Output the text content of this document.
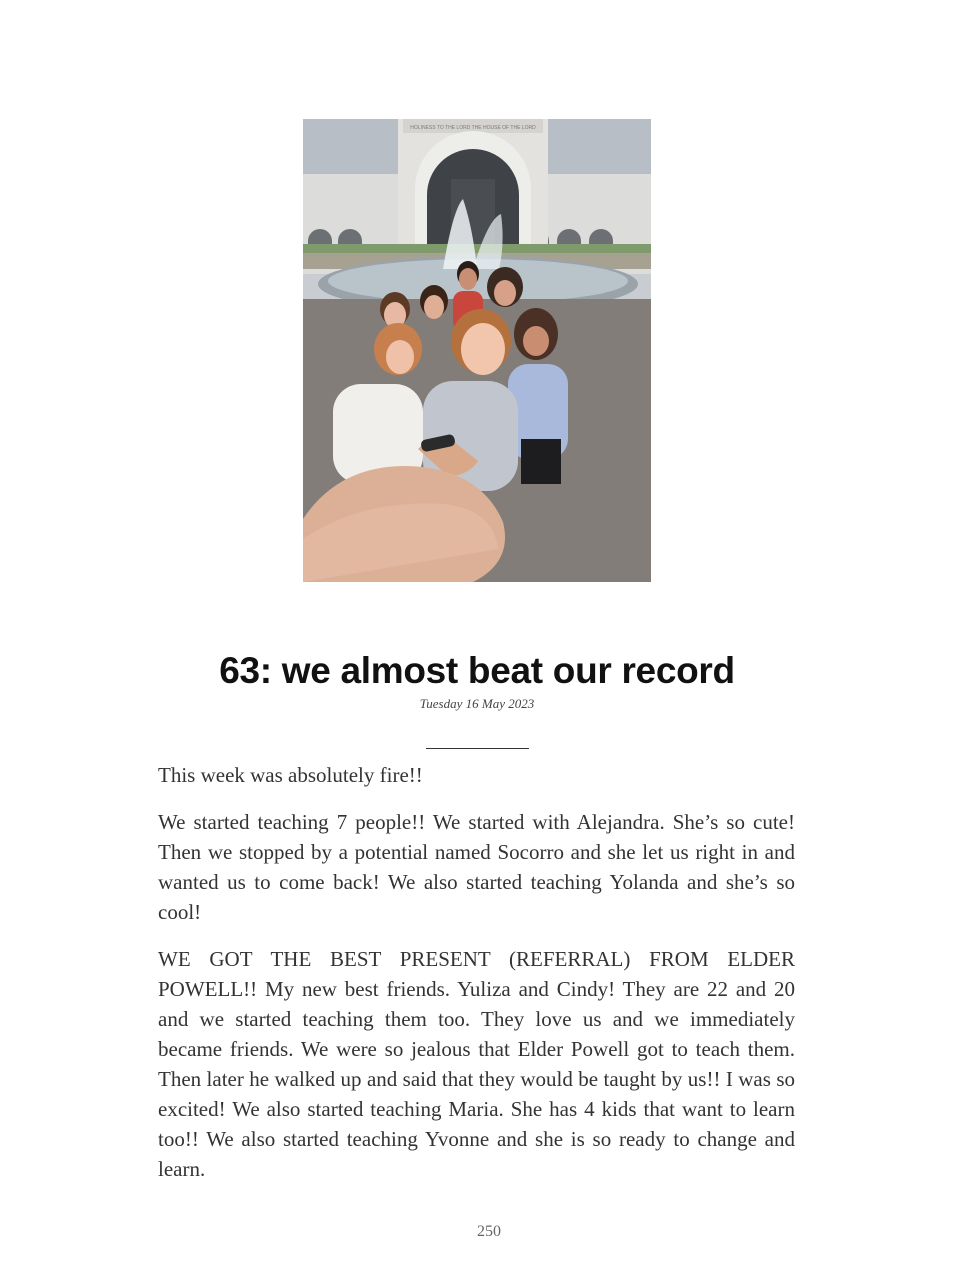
HOLINESS TO THE LORD THE HOUSE OF THE LORD
63: we almost beat our record
Tuesday 16 May 2023

This week was absolutely fire!!

We started teaching 7 people!! We started with Alejandra. She’s so cute! Then we stopped by a potential named Socorro and she let us right in and wanted us to come back! We also started teaching Yolanda and she’s so cool!

WE GOT THE BEST PRESENT (REFERRAL) FROM ELDER POWELL!! My new best friends. Yuliza and Cindy! They are 22 and 20 and we started teaching them too. They love us and we immediately became friends. We were so jealous that Elder Powell got to teach them. Then later he walked up and said that they would be taught by us!! I was so excited! We also started teaching Maria. She has 4 kids that want to learn too!! We also started teaching Yvonne and she is so ready to change and learn.

250
